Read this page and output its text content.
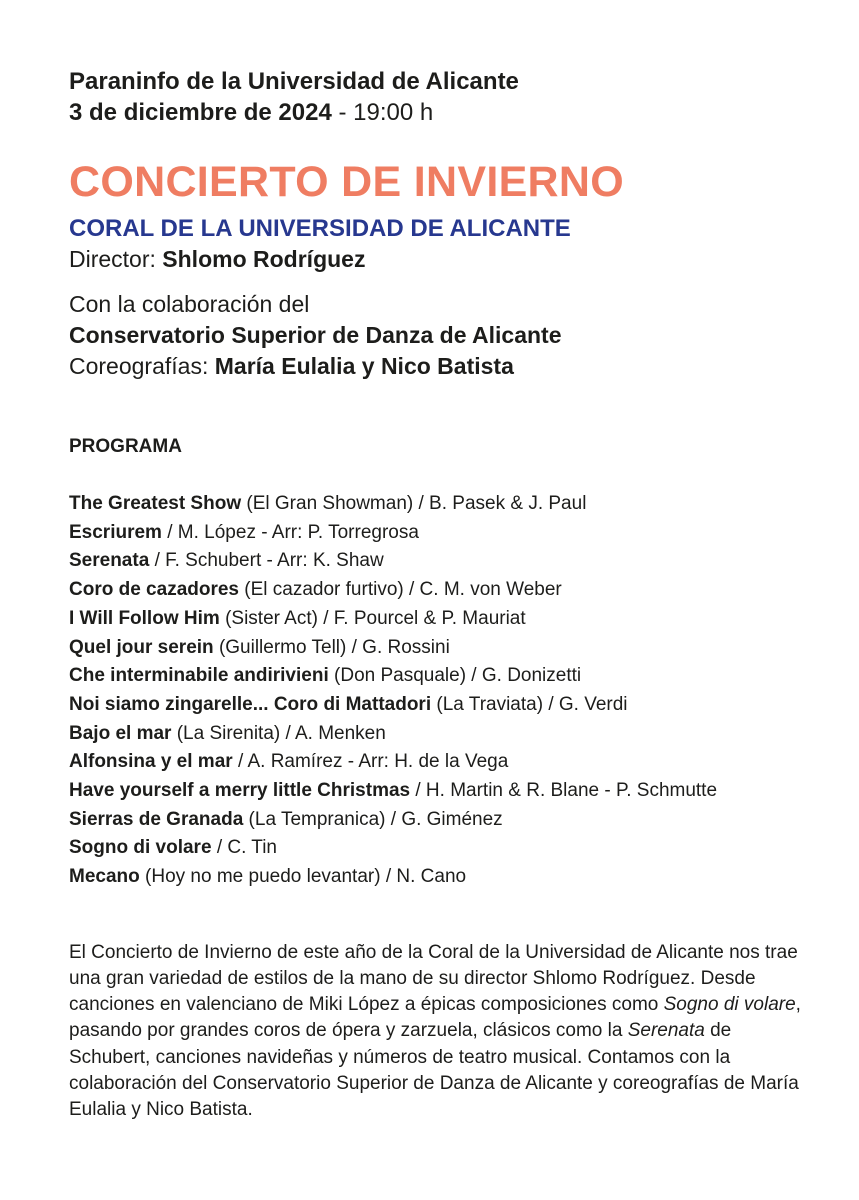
Paraninfo de la Universidad de Alicante
3 de diciembre de 2024 - 19:00 h
CONCIERTO DE INVIERNO
CORAL DE LA UNIVERSIDAD DE ALICANTE
Director: Shlomo Rodríguez
Con la colaboración del
Conservatorio Superior de Danza de Alicante
Coreografías: María Eulalia y Nico Batista
PROGRAMA
The Greatest Show (El Gran Showman) / B. Pasek & J. Paul
Escriurem / M. López - Arr: P. Torregrosa
Serenata / F. Schubert - Arr: K. Shaw
Coro de cazadores (El cazador furtivo) / C. M. von Weber
I Will Follow Him (Sister Act) / F. Pourcel & P. Mauriat
Quel jour serein (Guillermo Tell) / G. Rossini
Che interminabile andirivieni (Don Pasquale) / G. Donizetti
Noi siamo zingarelle... Coro di Mattadori (La Traviata) / G. Verdi
Bajo el mar (La Sirenita) / A. Menken
Alfonsina y el mar / A. Ramírez - Arr: H. de la Vega
Have yourself a merry little Christmas / H. Martin & R. Blane - P. Schmutte
Sierras de Granada (La Tempranica) / G. Giménez
Sogno di volare / C. Tin
Mecano (Hoy no me puedo levantar) / N. Cano
El Concierto de Invierno de este año de la Coral de la Universidad de Alicante nos trae una gran variedad de estilos de la mano de su director Shlomo Rodríguez. Desde canciones en valenciano de Miki López a épicas composiciones como Sogno di volare, pasando por grandes coros de ópera y zarzuela, clásicos como la Serenata de Schubert, canciones navideñas y números de teatro musical. Contamos con la colaboración del Conservatorio Superior de Danza de Alicante y coreografías de María Eulalia y Nico Batista.
